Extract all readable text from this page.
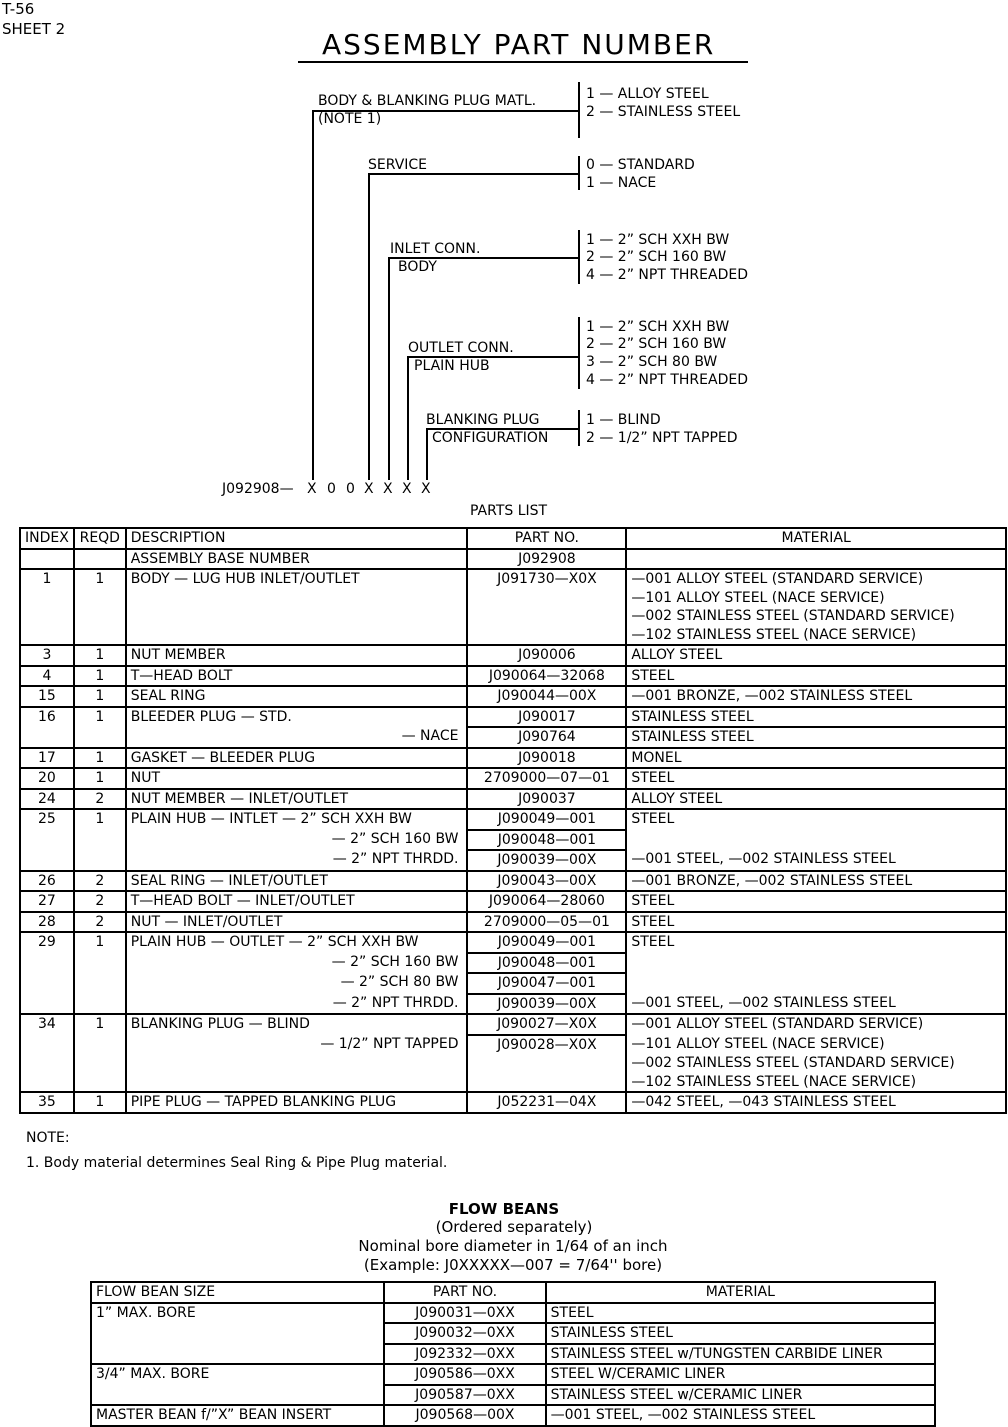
T-56
SHEET 2	ASSEMBLY PART NUMBER
BODY & BLANKING PLUG MATL.
(NOTE 1)
1 — ALLOY STEEL
2 — STAINLESS STEEL
SERVICE	0 — STANDARD
1 — NACE
INLET CONN.
BODY
1 — 2” SCH XXH BW
2 — 2” SCH 160 BW
4 — 2” NPT THREADED
OUTLET CONN.
PLAIN HUB
1 — 2” SCH XXH BW
2 — 2” SCH 160 BW
3 — 2” SCH 80 BW
4 — 2” NPT THREADED
BLANKING PLUG
CONFIGURATION
1 — BLIND
2 — 1/2” NPT TAPPED
J092908— X 0 0 X X X X
PARTS LIST
INDEX	REQD	DESCRIPTION	PART NO.	MATERIAL
		ASSEMBLY BASE NUMBER	J092908	
1	1	BODY — LUG HUB INLET/OUTLET	J091730—X0X	—001 ALLOY STEEL (STANDARD SERVICE)
				—101 ALLOY STEEL (NACE SERVICE)
				—002 STAINLESS STEEL (STANDARD SERVICE)
				—102 STAINLESS STEEL (NACE SERVICE)
3	1	NUT MEMBER	J090006	ALLOY STEEL
4	1	T—HEAD BOLT	J090064—32068	STEEL
15	1	SEAL RING	J090044—00X	—001 BRONZE, —002 STAINLESS STEEL
16	1	BLEEDER PLUG — STD.	J090017	STAINLESS STEEL
		— NACE	J090764	STAINLESS STEEL
17	1	GASKET — BLEEDER PLUG	J090018	MONEL
20	1	NUT	2709000—07—01	STEEL
24	2	NUT MEMBER — INLET/OUTLET	J090037	ALLOY STEEL
25	1	PLAIN HUB — INTLET — 2” SCH XXH BW	J090049—001	STEEL
		— 2” SCH 160 BW	J090048—001	
		— 2” NPT THRDD.	J090039—00X	—001 STEEL, —002 STAINLESS STEEL
26	2	SEAL RING — INLET/OUTLET	J090043—00X	—001 BRONZE, —002 STAINLESS STEEL
27	2	T—HEAD BOLT — INLET/OUTLET	J090064—28060	STEEL
28	2	NUT — INLET/OUTLET	2709000—05—01	STEEL
29	1	PLAIN HUB — OUTLET — 2” SCH XXH BW	J090049—001	STEEL
		— 2” SCH 160 BW	J090048—001	
		— 2” SCH 80 BW	J090047—001	
		— 2” NPT THRDD.	J090039—00X	—001 STEEL, —002 STAINLESS STEEL
34	1	BLANKING PLUG — BLIND	J090027—X0X	—001 ALLOY STEEL (STANDARD SERVICE)
		— 1/2” NPT TAPPED	J090028—X0X	—101 ALLOY STEEL (NACE SERVICE)
				—002 STAINLESS STEEL (STANDARD SERVICE)
				—102 STAINLESS STEEL (NACE SERVICE)
35	1	PIPE PLUG — TAPPED BLANKING PLUG	J052231—04X	—042 STEEL, —043 STAINLESS STEEL
NOTE:
1. Body material determines Seal Ring & Pipe Plug material.
FLOW BEANS
(Ordered separately)
Nominal bore diameter in 1/64 of an inch
(Example: J0XXXXX—007 = 7/64'' bore)
FLOW BEAN SIZE	PART NO.	MATERIAL
1” MAX. BORE	J090031—0XX	STEEL
	J090032—0XX	STAINLESS STEEL
	J092332—0XX	STAINLESS STEEL w/TUNGSTEN CARBIDE LINER
3/4” MAX. BORE	J090586—0XX	STEEL W/CERAMIC LINER
	J090587—0XX	STAINLESS STEEL w/CERAMIC LINER
MASTER BEAN f/”X” BEAN INSERT	J090568—00X	—001 STEEL, —002 STAINLESS STEEL
